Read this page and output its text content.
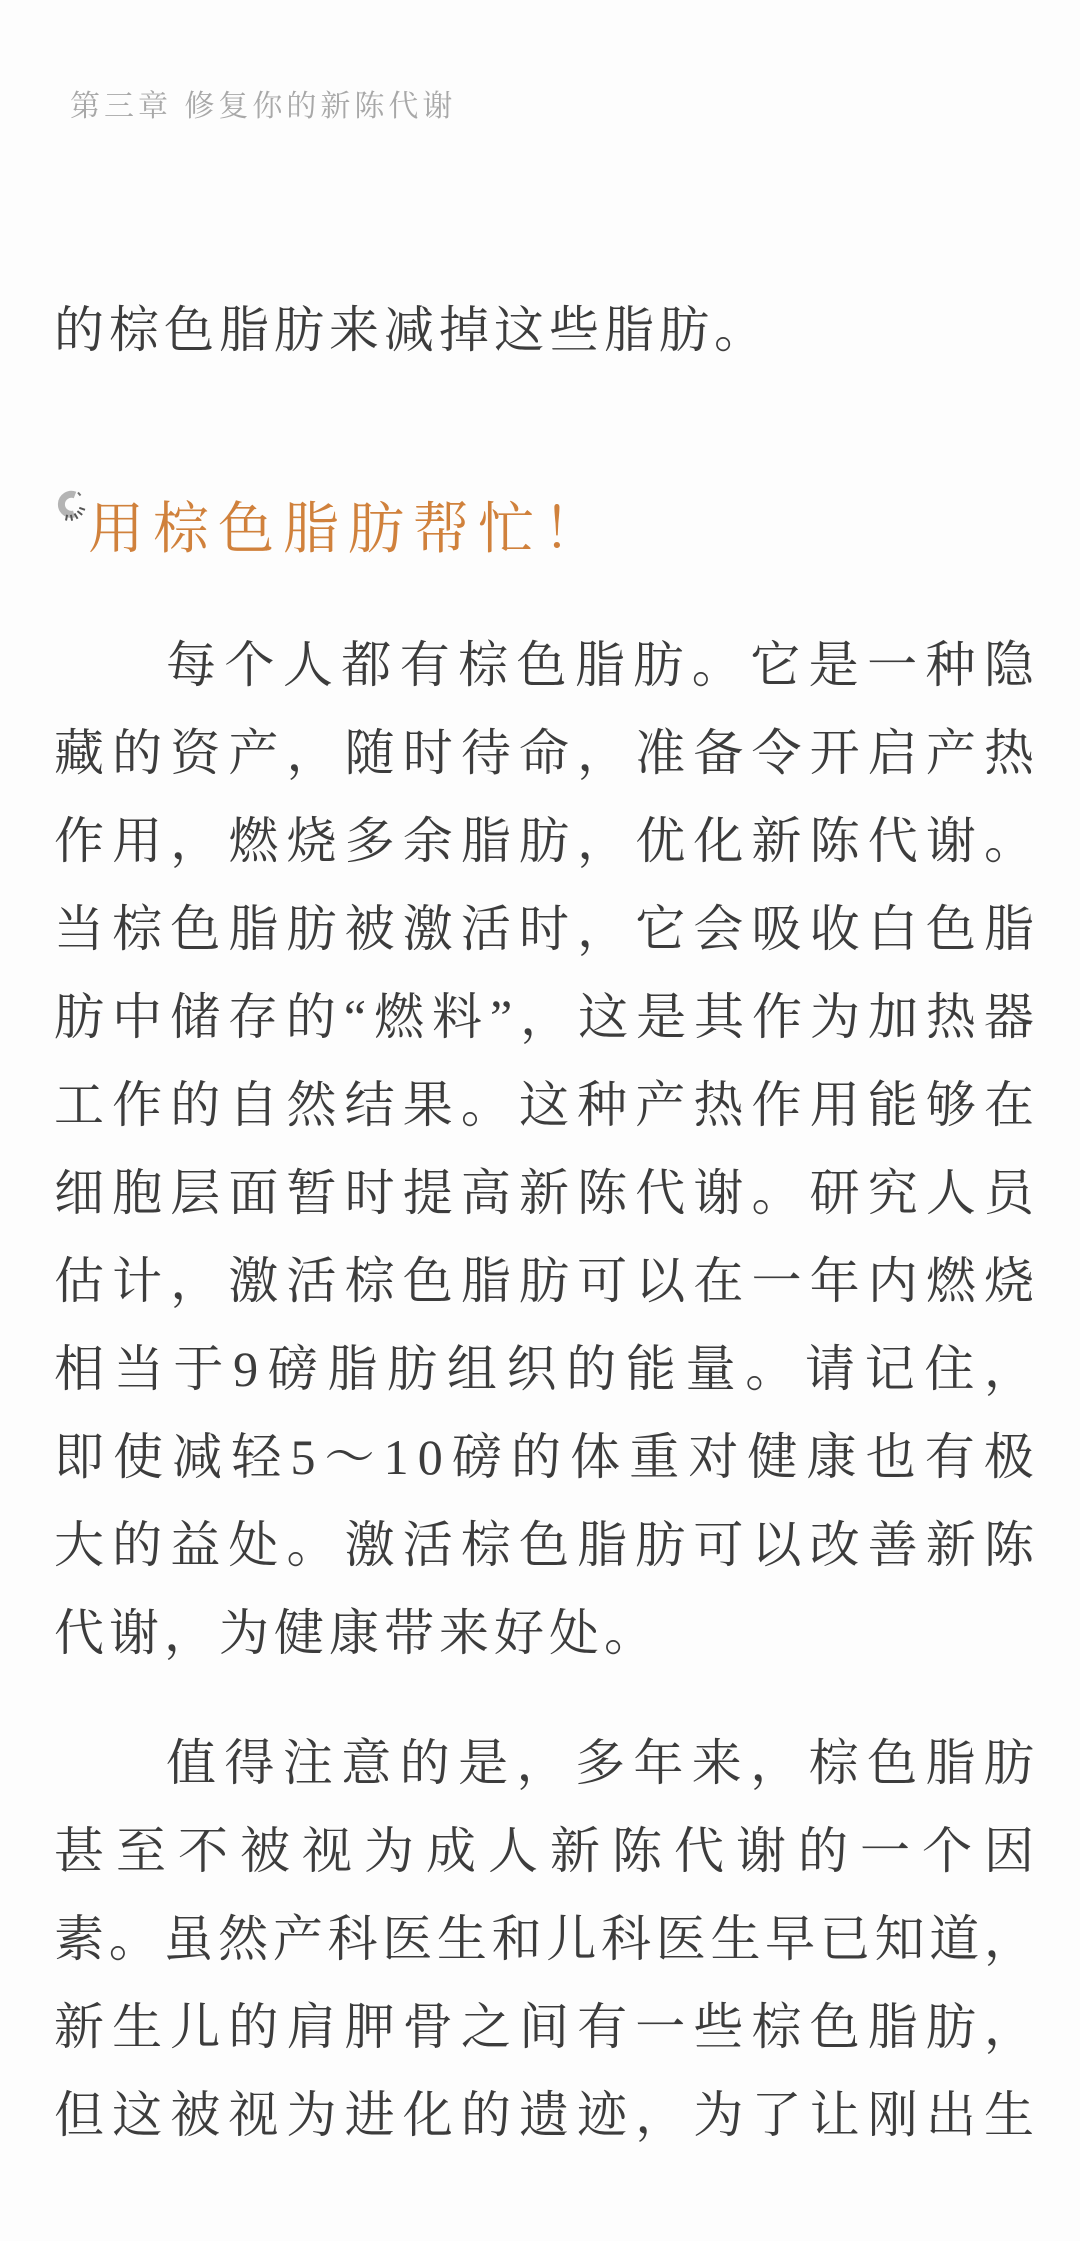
第三章 修复你的新陈代谢
的棕色脂肪来减掉这些脂肪。
用棕色脂肪帮忙！
每 个 人 都 有 棕 色 脂 肪 。 它 是 一 种 隐
藏 的 资 产 ， 随 时 待 命 ， 准 备 令 开 启 产 热
作 用 ， 燃 烧 多 余 脂 肪 ， 优 化 新 陈 代 谢 。
当 棕 色 脂 肪 被 激 活 时 ， 它 会 吸 收 白 色 脂
肪 中 储 存 的 “ 燃 料 ” ， 这 是 其 作 为 加 热 器
工 作 的 自 然 结 果 。 这 种 产 热 作 用 能 够 在
细 胞 层 面 暂 时 提 高 新 陈 代 谢 。 研 究 人 员
估 计 ， 激 活 棕 色 脂 肪 可 以 在 一 年 内 燃 烧
相 当 于 9 磅 脂 肪 组 织 的 能 量 。 请 记 住 ，
即 使 减 轻 5 ～ 1 0 磅 的 体 重 对 健 康 也 有 极
大 的 益 处 。 激 活 棕 色 脂 肪 可 以 改 善 新 陈
代谢，为健康带来好处。
值 得 注 意 的 是 ， 多 年 来 ， 棕 色 脂 肪
甚 至 不 被 视 为 成 人 新 陈 代 谢 的 一 个 因
素 。 虽 然 产 科 医 生 和 儿 科 医 生 早 已 知 道 ，
新 生 儿 的 肩 胛 骨 之 间 有 一 些 棕 色 脂 肪 ，
但 这 被 视 为 进 化 的 遗 迹 ， 为 了 让 刚 出 生
